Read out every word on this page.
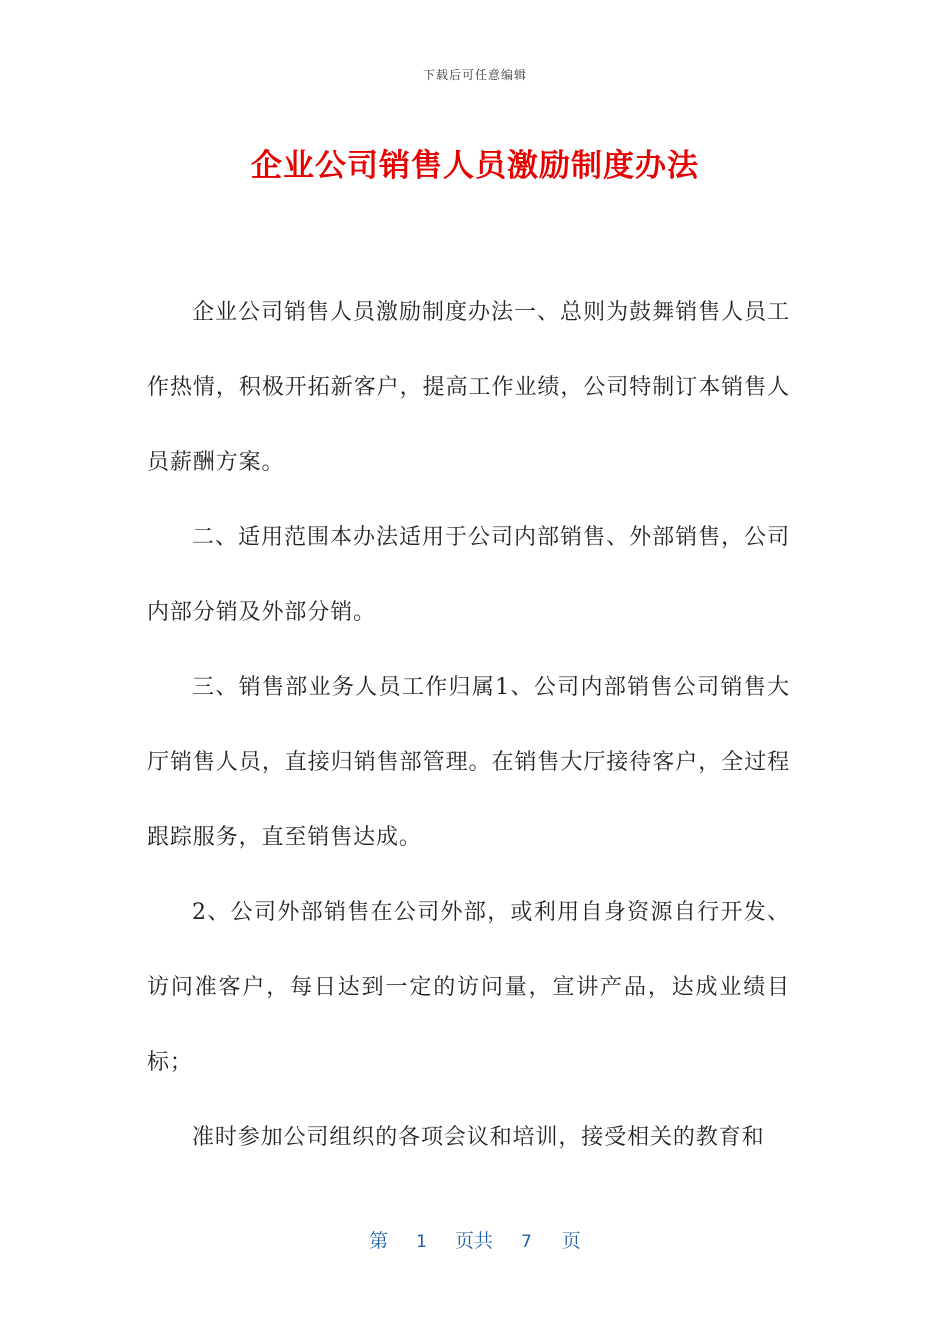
下载后可任意编辑
企业公司销售人员激励制度办法

企业公司销售人员激励制度办法一、总则为鼓舞销售人员工作热情，积极开拓新客户，提高工作业绩，公司特制订本销售人员薪酬方案。

二、适用范围本办法适用于公司内部销售、外部销售，公司内部分销及外部分销。

三、销售部业务人员工作归属1、公司内部销售公司销售大厅销售人员，直接归销售部管理。在销售大厅接待客户，全过程跟踪服务，直至销售达成。

2、公司外部销售在公司外部，或利用自身资源自行开发、访问准客户，每日达到一定的访问量，宣讲产品，达成业绩目标；

准时参加公司组织的各项会议和培训，接受相关的教育和

第 1 页共 7 页
